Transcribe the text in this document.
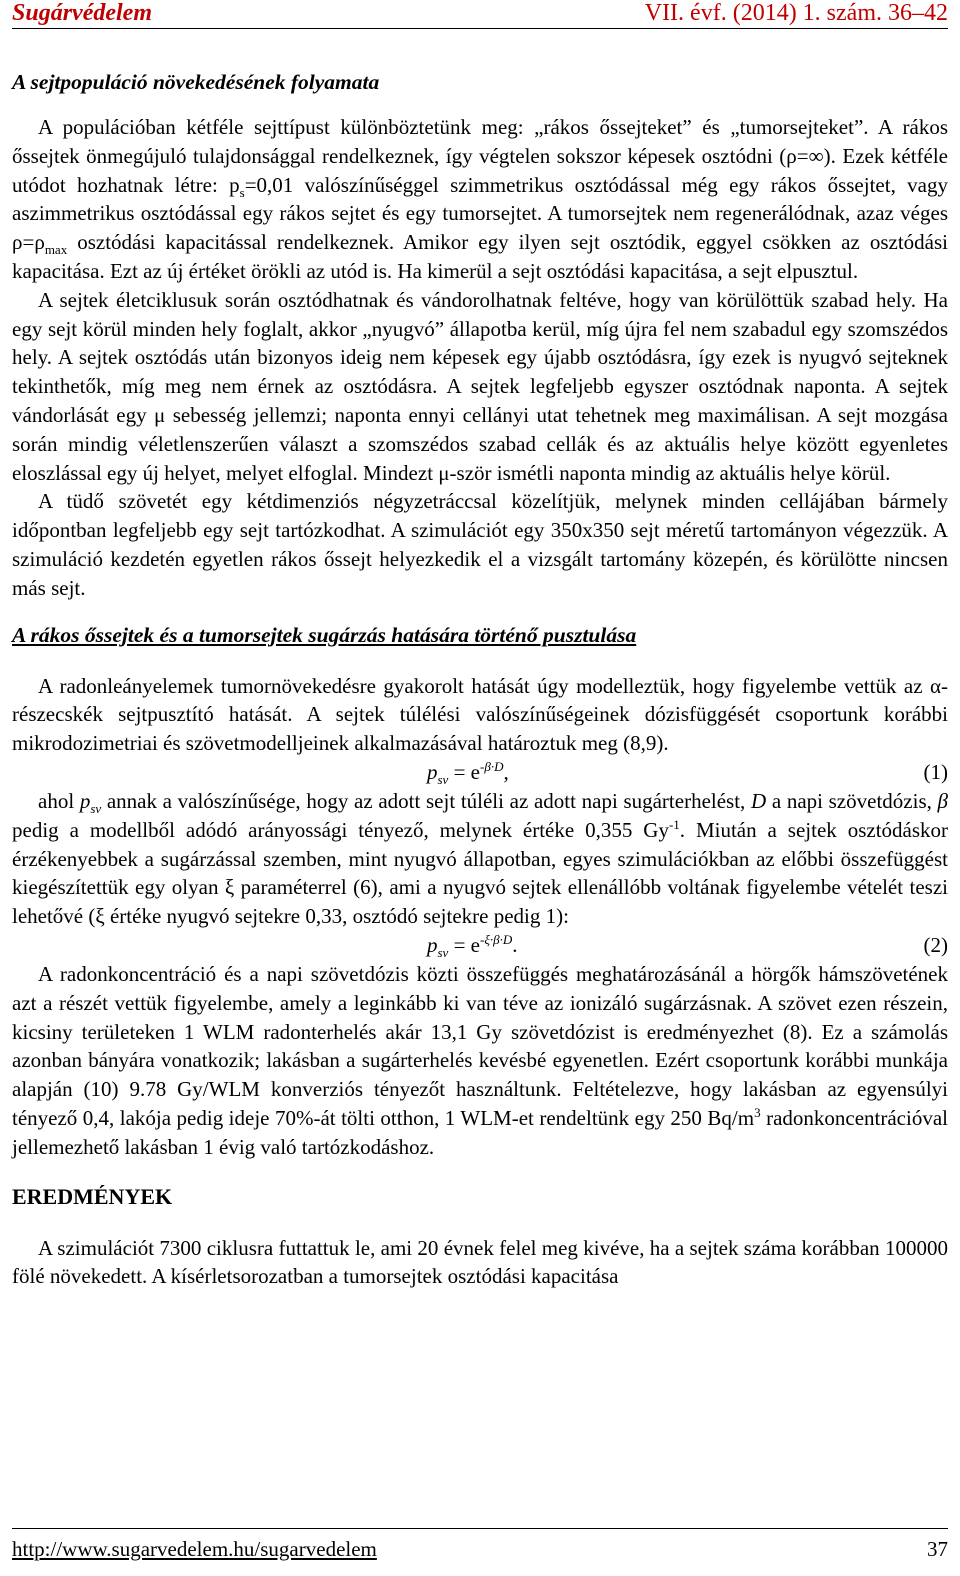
Sugárvédelem	VII. évf. (2014) 1. szám. 36–42
A sejtpopuláció növekedésének folyamata

A populációban kétféle sejttípust különböztetünk meg: „rákos őssejteket” és „tumorsejteket”. A rákos őssejtek önmegújuló tulajdonsággal rendelkeznek, így végtelen sokszor képesek osztódni (ρ=∞). Ezek kétféle utódot hozhatnak létre: $p_s=0,01$ valószínűséggel szimmetrikus osztódással még egy rákos őssejtet, vagy aszimmetrikus osztódással egy rákos sejtet és egy tumorsejtet. A tumorsejtek nem regenerálódnak, azaz véges $\rho=\rho_{max}$ osztódási kapacitással rendelkeznek. Amikor egy ilyen sejt osztódik, eggyel csökken az osztódási kapacitása. Ezt az új értéket örökli az utód is. Ha kimerül a sejt osztódási kapacitása, a sejt elpusztul.

A sejtek életciklusuk során osztódhatnak és vándorolhatnak feltéve, hogy van körülöttük szabad hely. Ha egy sejt körül minden hely foglalt, akkor „nyugvó” állapotba kerül, míg újra fel nem szabadul egy szomszédos hely. A sejtek osztódás után bizonyos ideig nem képesek egy újabb osztódásra, így ezek is nyugvó sejteknek tekinthetők, míg meg nem érnek az osztódásra. A sejtek legfeljebb egyszer osztódnak naponta. A sejtek vándorlását egy μ sebesség jellemzi; naponta ennyi cellányi utat tehetnek meg maximálisan. A sejt mozgása során mindig véletlenszerűen választ a szomszédos szabad cellák és az aktuális helye között egyenletes eloszlással egy új helyet, melyet elfoglal. Mindezt μ-ször ismétli naponta mindig az aktuális helye körül.

A tüdő szövetét egy kétdimenziós négyzetráccsal közelítjük, melynek minden cellájában bármely időpontban legfeljebb egy sejt tartózkodhat. A szimulációt egy 350x350 sejt méretű tartományon végezzük. A szimuláció kezdetén egyetlen rákos őssejt helyezkedik el a vizsgált tartomány közepén, és körülötte nincsen más sejt.

A rákos őssejtek és a tumorsejtek sugárzás hatására történő pusztulása

A radonleányelemek tumornövekedésre gyakorolt hatását úgy modelleztük, hogy figyelembe vettük az α-részecskék sejtpusztító hatását. A sejtek túlélési valószínűségeinek dózisfüggését csoportunk korábbi mikrodozimetriai és szövetmodelljeinek alkalmazásával határoztuk meg (8,9).

$p_{sv} = e^{-\beta\cdot D}$,	(1)

ahol $p_{sv}$ annak a valószínűsége, hogy az adott sejt túléli az adott napi sugárterhelést, D a napi szövetdózis, β pedig a modellből adódó arányossági tényező, melynek értéke 0,355 $Gy^{-1}$. Miután a sejtek osztódáskor érzékenyebbek a sugárzással szemben, mint nyugvó állapotban, egyes szimulációkban az előbbi összefüggést kiegészítettük egy olyan ξ paraméterrel (6), ami a nyugvó sejtek ellenállóbb voltának figyelembe vételét teszi lehetővé (ξ értéke nyugvó sejtekre 0,33, osztódó sejtekre pedig 1):

$p_{sv} = e^{-\xi\cdot\beta\cdot D}$.	(2)

A radonkoncentráció és a napi szövetdózis közti összefüggés meghatározásánál a hörgők hámszövetének azt a részét vettük figyelembe, amely a leginkább ki van téve az ionizáló sugárzásnak. A szövet ezen részein, kicsiny területeken 1 WLM radonterhelés akár 13,1 Gy szövetdózist is eredményezhet (8). Ez a számolás azonban bányára vonatkozik; lakásban a sugárterhelés kevésbé egyenetlen. Ezért csoportunk korábbi munkája alapján (10) 9.78 Gy/WLM konverziós tényezőt használtunk. Feltételezve, hogy lakásban az egyensúlyi tényező 0,4, lakója pedig ideje 70%-át tölti otthon, 1 WLM-et rendeltünk egy 250 $Bq/m^3$ radonkoncentrációval jellemezhető lakásban 1 évig való tartózkodáshoz.

EREDMÉNYEK

A szimulációt 7300 ciklusra futtattuk le, ami 20 évnek felel meg kivéve, ha a sejtek száma korábban 100000 fölé növekedett. A kísérletsorozatban a tumorsejtek osztódási kapacitása

http://www.sugarvedelem.hu/sugarvedelem	37
